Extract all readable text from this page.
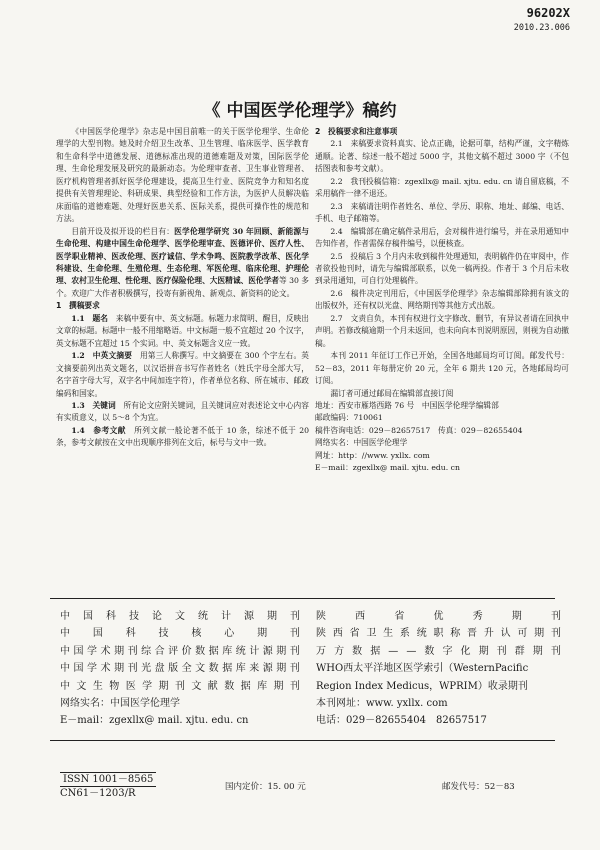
96202X
2010.23.006
《 中国医学伦理学》稿约

《中国医学伦理学》杂志是中国目前唯一的关于医学伦理学、生命伦理学的大型刊物。她及时介绍卫生改革、卫生管理、临床医学、医学教育和生命科学中道德发展、道德标准出现的道德难题及对策，国际医学伦理、生命伦理发展及研究的最新动态。为伦理审查者、卫生事业管理者、医疗机构管理者抓好医学伦理建设，提高卫生行业、医院竞争力和知名度提供有关管理理论、科研成果、典型经验和工作方法，为医护人员解决临床面临的道德难题、处理好医患关系、医际关系，提供可操作性的规范和方法。

目前开设及拟开设的栏目有：医学伦理学研究 30 年回顾、新能源与生命伦理、构建中国生命伦理学、医学伦理审查、医德评价、医疗人性、医学职业精神、医改伦理、医疗诚信、学术争鸣、医院教学改革、医化学科建设、生命伦理、生殖伦理、生态伦理、军医伦理、临床伦理、护理伦理、农村卫生伦理、性伦理、医疗保险伦理、大医精诚、医伦学者等 30 多个。欢迎广大作者积极撰写，投寄有新视角、新观点、新资料的论文。

1　撰稿要求

1.1　题名　 来稿中要有中、英文标题。标题力求简明、醒目，反映出文章的标题。标题中一般不用缩略语。中文标题一般不宜超过 20 个汉字，英文标题不宜超过 15 个实词。中、英文标题含义应一致。

1.2　中英文摘要　 用第三人称撰写。中文摘要在 300 个字左右。英文摘要前列出英文题名，以汉语拼音书写作者姓名（姓氏字母全部大写，名字首字母大写，双字名中间加连字符），作者单位名称、所在城市、邮政编码和国家。

1.3　关键词　 所有论文应附关键词，且关键词应对表述论文中心内容有实质意义，以 5～8 个为宜。

1.4　参考文献　 所列文献一般论著不低于 10 条，综述不低于 20 条，参考文献按在文中出现顺序排列在文后，标号与文中一致。

2　投稿要求和注意事项

2.1　 来稿要求资料真实、论点正确，论据可靠，结构严谨，文字精炼通顺。论著、综述一般不超过 5000 字，其他文稿不超过 3000 字（不包括图表和参考文献）。

2.2　 我刊投稿信箱：zgexllx@ mail. xjtu. edu. cn 请自留底稿，不采用稿件一律不退还。

2.3　 来稿请注明作者姓名、单位、学历、职称、地址、邮编、电话、手机、电子邮箱等。

2.4　 编辑部在确定稿件录用后，会对稿件进行编号，并在录用通知中告知作者，作者需保存稿件编号，以便核查。

2.5　 投稿后 3 个月内未收到稿件处理通知，表明稿件仍在审阅中，作者欲投他刊时，请先与编辑部联系，以免一稿两投。作者于 3 个月后未收到录用通知，可自行处理稿件。

2.6　 稿件决定刊用后，《中国医学伦理学》杂志编辑部除拥有该文的出版权外，还有权以光盘、网络期刊等其他方式出版。

2.7　 文责自负，本刊有权进行文字修改、删节，有异议者请在回执中声明。若修改稿逾期一个月未返回，也未向向本刊说明原因，则视为自动撤稿。

本刊 2011 年征订工作已开始，全国各地邮局均可订阅。邮发代号：52－83，2011 年每册定价 20 元，全年 6 期共 120 元，各地邮局均可订阅。

漏订者可通过邮局在编辑部直接订阅

地址：西安市雁塔西路 76 号　中国医学伦理学编辑部

邮政编码：710061

稿件咨询电话：029－82657517　传真：029－82655404

网络实名：中国医学伦理学

网址：http：//www. yxllx. com

E－mail：zgexllx@ mail. xjtu. edu. cn

中 国 科 技 论 文 统 计 源 期 刊
中 国 科 技 核 心 期 刊
中 国 学 术 期 刊 综 合 评 价 数 据 库 统 计 源 期 刊
中 国 学 术 期 刊 光 盘 版 全 文 数 据 库 来 源 期 刊
中 文 生 物 医 学 期 刊 文 献 数 据 库 期 刊
网络实名：中国医学伦理学
E－mail：zgexllx@ mail. xjtu. edu. cn
陕	西	省	优	秀	期	刊
陕 西 省 卫 生 系 统 职 称 晋 升 认 可 期 刊
万 方 数 据 — — 数 字 化 期 刊 群 期 刊
WHO西太平洋地区医学索引（WesternPacific
Region Index Medicus，WPRIM）收录期刊
本刊网址：www. yxllx. com
电话：029－82655404　82657517
ISSN 1001－8565
CN61－1203/R
国内定价：15. 00 元	邮发代号：52－83
